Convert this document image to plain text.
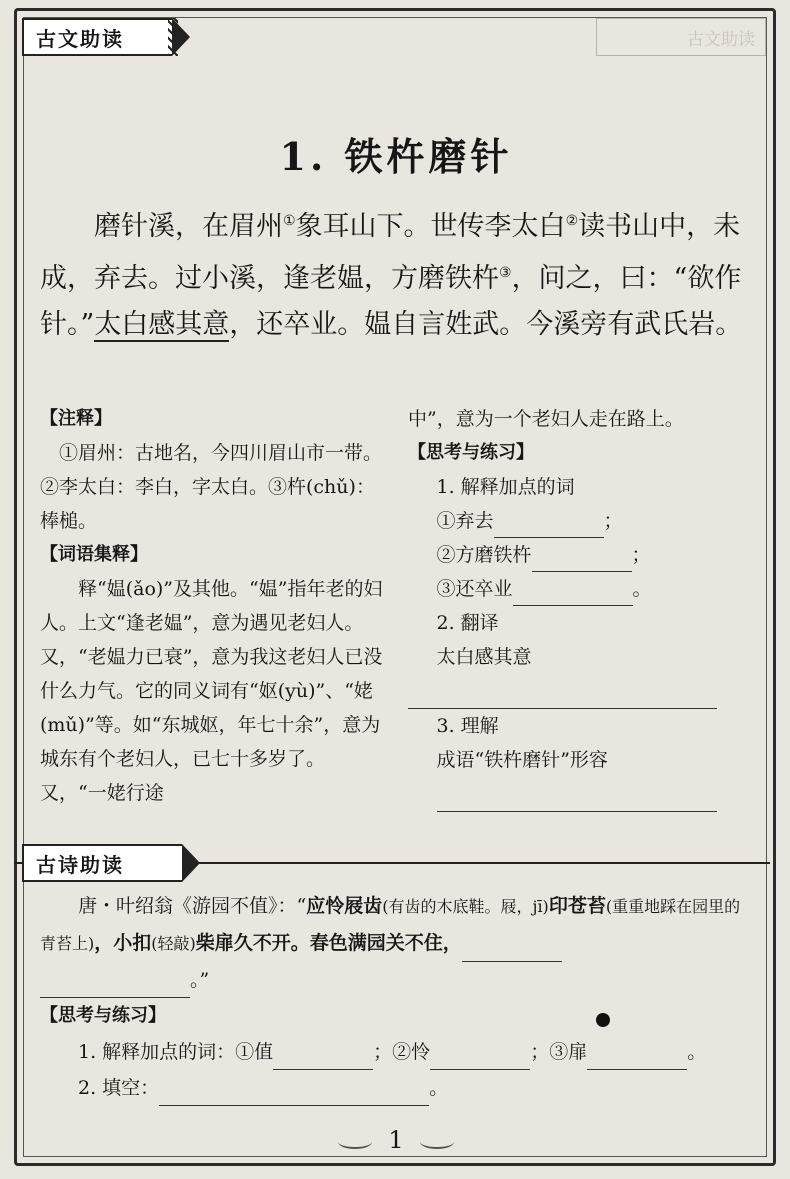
古文助读	古文助读
1. 铁杵磨针

磨针溪，在眉州①象耳山下。世传李太白②读书山中，未成，弃去。过小溪，逢老媪，方磨铁杵③，问之，曰：“欲作针。”太白感其意，还卒业。媪自言姓武。今溪旁有武氏岩。

【注释】
①眉州：古地名，今四川眉山市一带。②李太白：李白，字太白。③杵(chǔ)：棒槌。
【词语集释】
释“媪(ǎo)”及其他。“媪”指年老的妇人。上文“逢老媪”，意为遇见老妇人。又，“老媪力已衰”，意为我这老妇人已没什么力气。它的同义词有“妪(yù)”、“姥(mǔ)”等。如“东城妪，年七十余”，意为城东有个老妇人，已七十多岁了。又，“一姥行途
中”，意为一个老妇人走在路上。
【思考与练习】
1. 解释加点的词
①弃去	；
②方磨铁杵	；
③还卒业	。
2. 翻译
太白感其意
3. 理解
成语“铁杵磨针”形容
古诗助读

唐・叶绍翁《游园不值》：“应怜屐齿(有齿的木底鞋。屐，jī)印苍苔(重重地踩在园里的青苔上)，小扣(轻敲)柴扉久不开。春色满园关不住，

。”

【思考与练习】

1. 解释加点的词：①值	；②怜	；③扉	。

2. 填空：	。

1
